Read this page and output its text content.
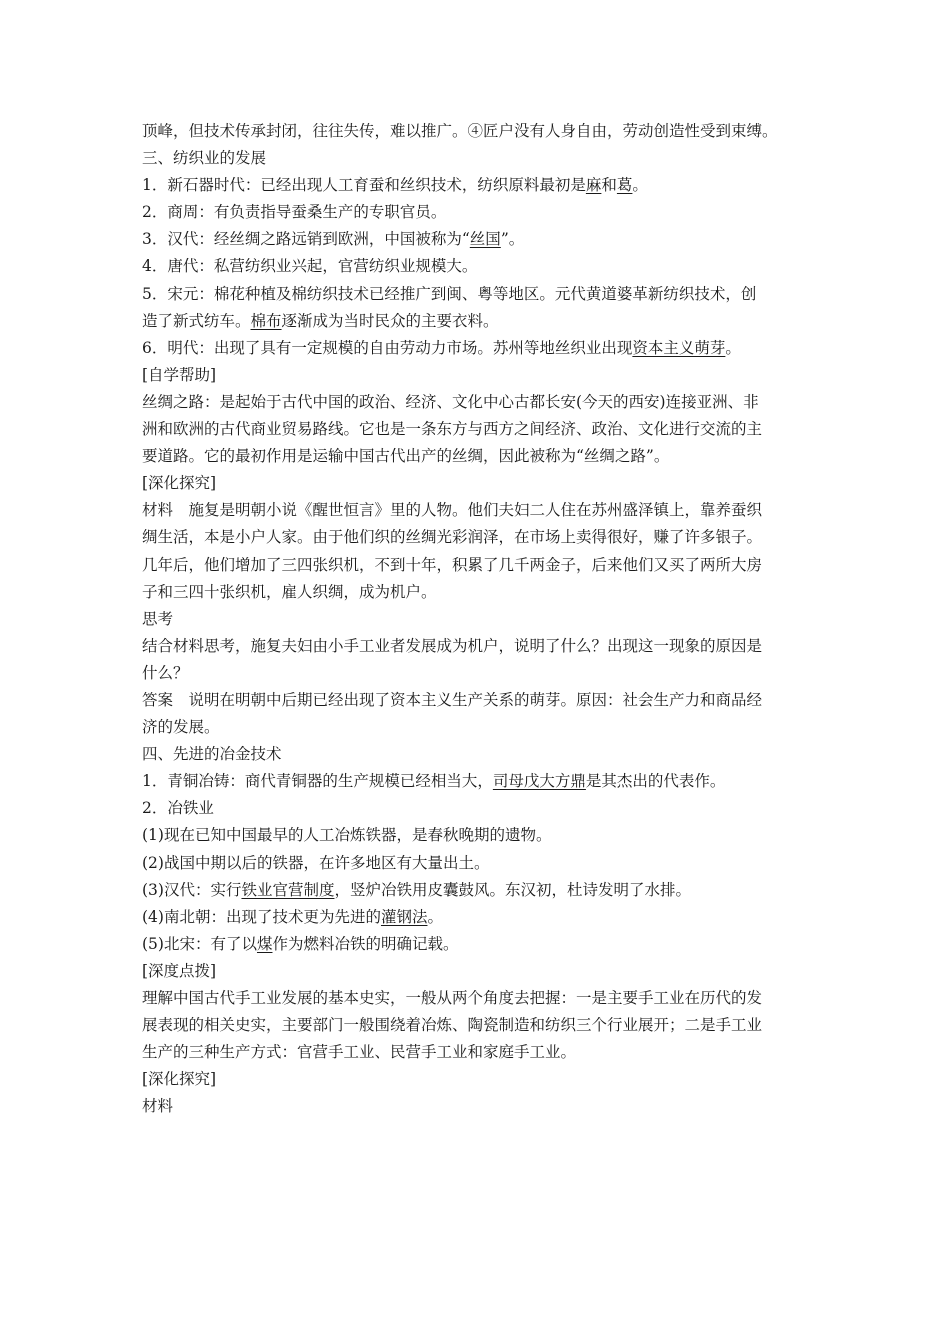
顶峰，但技术传承封闭，往往失传，难以推广。④匠户没有人身自由，劳动创造性受到束缚。
三、纺织业的发展
1．新石器时代：已经出现人工育蚕和丝织技术，纺织原料最初是麻和葛。
2．商周：有负责指导蚕桑生产的专职官员。
3．汉代：经丝绸之路远销到欧洲，中国被称为“丝国”。
4．唐代：私营纺织业兴起，官营纺织业规模大。
5．宋元：棉花种植及棉纺织技术已经推广到闽、粤等地区。元代黄道婆革新纺织技术，创
造了新式纺车。棉布逐渐成为当时民众的主要衣料。
6．明代：出现了具有一定规模的自由劳动力市场。苏州等地丝织业出现资本主义萌芽。
[自学帮助]
丝绸之路：是起始于古代中国的政治、经济、文化中心古都长安(今天的西安)连接亚洲、非
洲和欧洲的古代商业贸易路线。它也是一条东方与西方之间经济、政治、文化进行交流的主
要道路。它的最初作用是运输中国古代出产的丝绸，因此被称为“丝绸之路”。
[深化探究]
材料　施复是明朝小说《醒世恒言》里的人物。他们夫妇二人住在苏州盛泽镇上，靠养蚕织
绸生活，本是小户人家。由于他们织的丝绸光彩润泽，在市场上卖得很好，赚了许多银子。
几年后，他们增加了三四张织机，不到十年，积累了几千两金子，后来他们又买了两所大房
子和三四十张织机，雇人织绸，成为机户。
思考
结合材料思考，施复夫妇由小手工业者发展成为机户，说明了什么？出现这一现象的原因是
什么？
答案　说明在明朝中后期已经出现了资本主义生产关系的萌芽。原因：社会生产力和商品经
济的发展。
四、先进的冶金技术
1．青铜冶铸：商代青铜器的生产规模已经相当大，司母戊大方鼎是其杰出的代表作。
2．冶铁业
(1)现在已知中国最早的人工冶炼铁器，是春秋晚期的遗物。
(2)战国中期以后的铁器，在许多地区有大量出土。
(3)汉代：实行铁业官营制度，竖炉冶铁用皮囊鼓风。东汉初，杜诗发明了水排。
(4)南北朝：出现了技术更为先进的灌钢法。
(5)北宋：有了以煤作为燃料冶铁的明确记载。
[深度点拨]
理解中国古代手工业发展的基本史实，一般从两个角度去把握：一是主要手工业在历代的发
展表现的相关史实，主要部门一般围绕着冶炼、陶瓷制造和纺织三个行业展开；二是手工业
生产的三种生产方式：官营手工业、民营手工业和家庭手工业。
[深化探究]
材料
